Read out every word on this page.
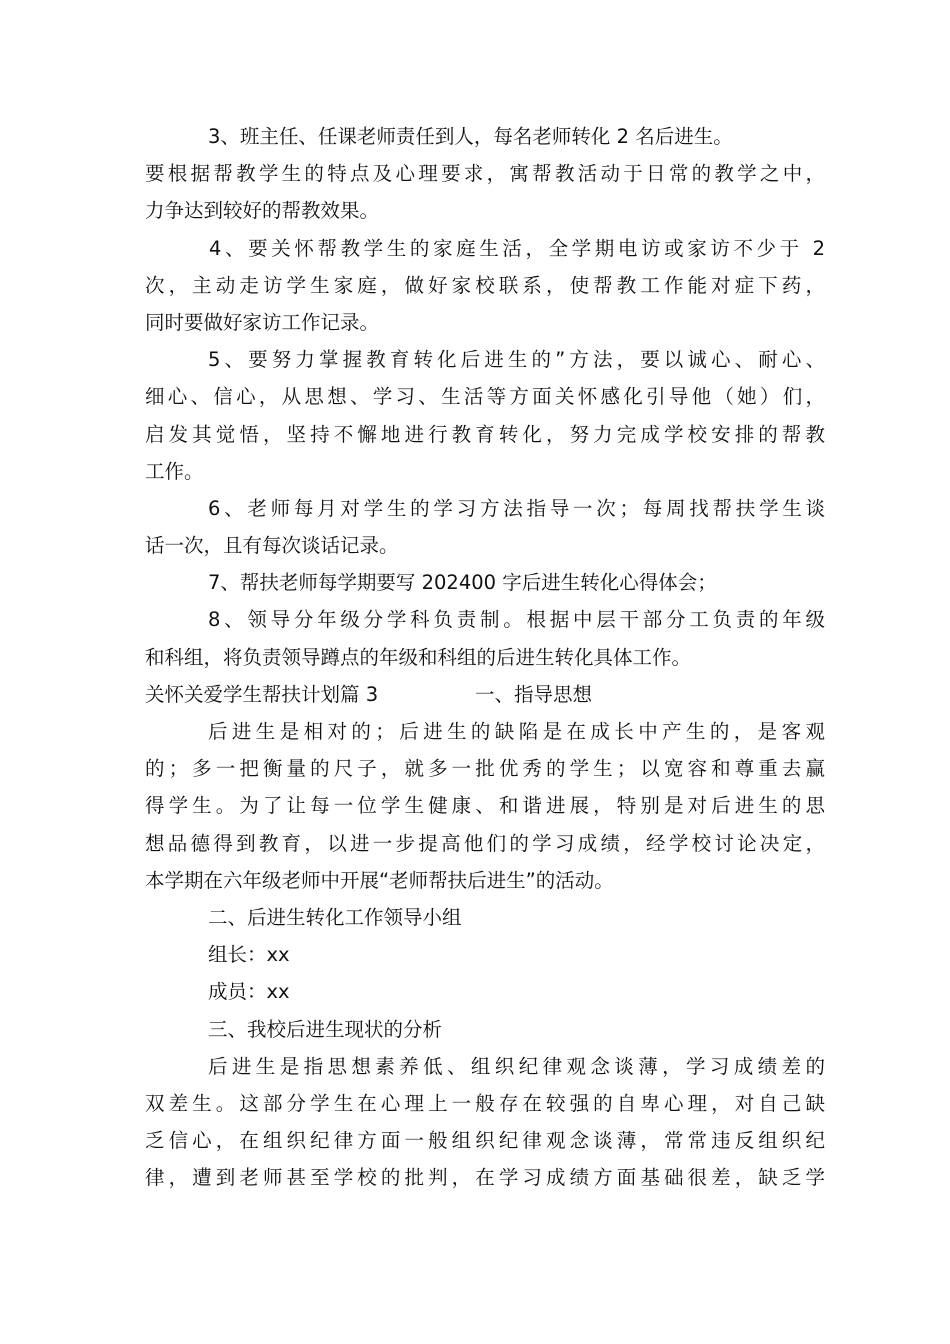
3、班主任、任课老师责任到人，每名老师转化 2 名后进生。

要根据帮教学生的特点及心理要求，寓帮教活动于日常的教学之中，

力争达到较好的帮教效果。

4、要关怀帮教学生的家庭生活，全学期电访或家访不少于 2

次，主动走访学生家庭，做好家校联系，使帮教工作能对症下药，

同时要做好家访工作记录。

5、要努力掌握教育转化后进生的”方法，要以诚心、耐心、

细心、信心，从思想、学习、生活等方面关怀感化引导他（她）们，

启发其觉悟，坚持不懈地进行教育转化，努力完成学校安排的帮教

工作。

6、老师每月对学生的学习方法指导一次；每周找帮扶学生谈

话一次，且有每次谈话记录。

7、帮扶老师每学期要写 202400 字后进生转化心得体会；

8、领导分年级分学科负责制。根据中层干部分工负责的年级

和科组，将负责领导蹲点的年级和科组的后进生转化具体工作。

关怀关爱学生帮扶计划篇 3	一、指导思想

后进生是相对的；后进生的缺陷是在成长中产生的，是客观

的；多一把衡量的尺子，就多一批优秀的学生；以宽容和尊重去赢

得学生。为了让每一位学生健康、和谐进展，特别是对后进生的思

想品德得到教育，以进一步提高他们的学习成绩，经学校讨论决定，

本学期在六年级老师中开展“老师帮扶后进生”的活动。

二、后进生转化工作领导小组

组长：xx

成员：xx

三、我校后进生现状的分析

后进生是指思想素养低、组织纪律观念谈薄，学习成绩差的

双差生。这部分学生在心理上一般存在较强的自卑心理，对自己缺

乏信心，在组织纪律方面一般组织纪律观念谈薄，常常违反组织纪

律，遭到老师甚至学校的批判，在学习成绩方面基础很差，缺乏学
